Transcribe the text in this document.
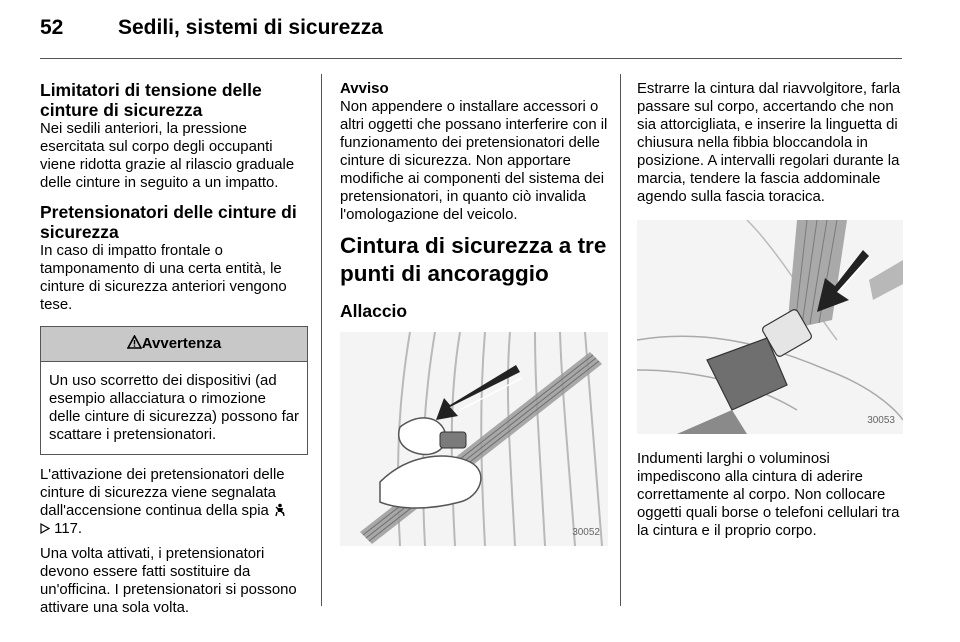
52	Sedili, sistemi di sicurezza

Limitatori di tensione delle cinture di sicurezza

Nei sedili anteriori, la pressione esercitata sul corpo degli occupanti viene ridotta grazie al rilascio graduale delle cinture in seguito a un impatto.

Pretensionatori delle cinture di sicurezza

In caso di impatto frontale o tamponamento di una certa entità, le cinture di sicurezza anteriori vengono tese.

Avvertenza
Un uso scorretto dei dispositivi (ad esempio allacciatura o rimozione delle cinture di sicurezza) possono far scattare i pretensionatori.

L'attivazione dei pretensionatori delle cinture di sicurezza viene segnalata dall'accensione continua della spia
117.

Una volta attivati, i pretensionatori devono essere fatti sostituire da un'officina. I pretensionatori si possono attivare una sola volta.

Avviso

Non appendere o installare accessori o altri oggetti che possano interferire con il funzionamento dei pretensionatori delle cinture di sicurezza. Non apportare modifiche ai componenti del sistema dei pretensionatori, in quanto ciò invalida l'omologazione del veicolo.

Cintura di sicurezza a tre punti di ancoraggio

Allaccio

30052

Estrarre la cintura dal riavvolgitore, farla passare sul corpo, accertando che non sia attorcigliata, e inserire la linguetta di chiusura nella fibbia bloccandola in posizione. A intervalli regolari durante la marcia, tendere la fascia addominale agendo sulla fascia toracica.

30053

Indumenti larghi o voluminosi impediscono alla cintura di aderire correttamente al corpo. Non collocare oggetti quali borse o telefoni cellulari tra la cintura e il proprio corpo.
